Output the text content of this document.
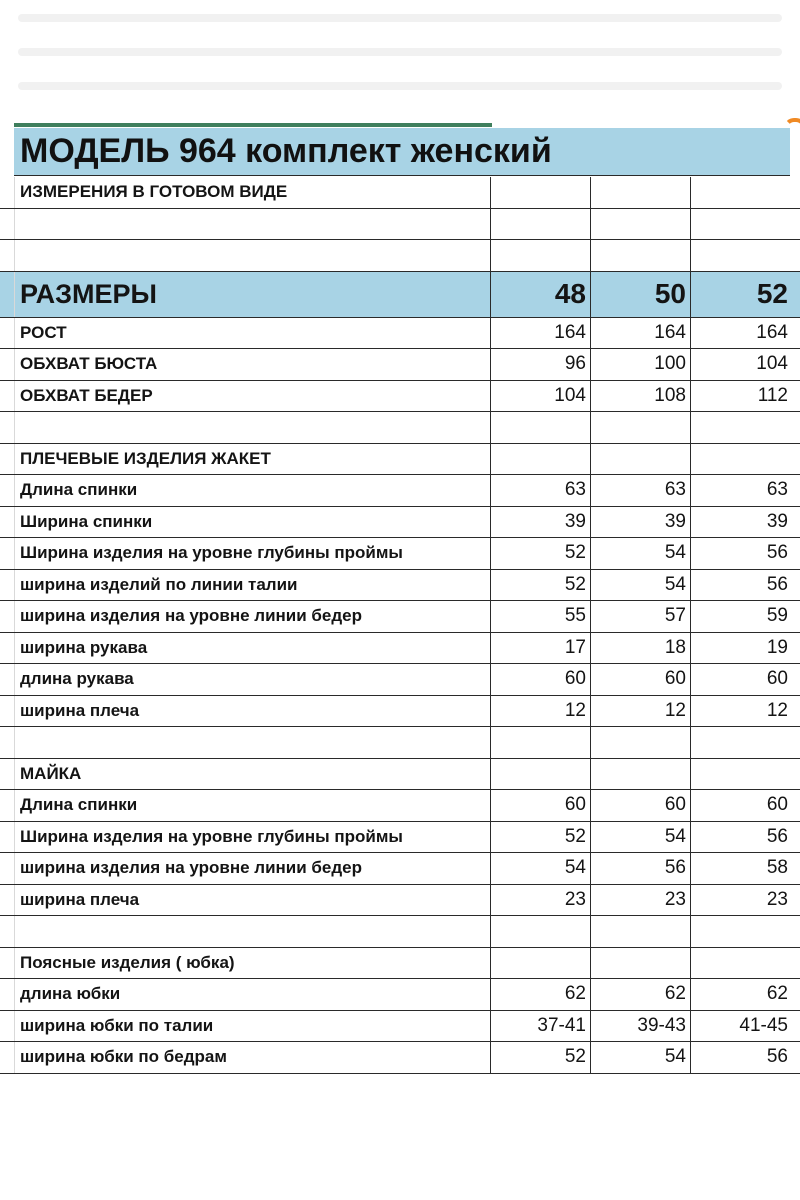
МОДЕЛЬ 964 комплект женский
ИЗМЕРЕНИЯ В ГОТОВОМ ВИДЕ
РАЗМЕРЫ	48	50	52
РОСТ	164	164	164
ОБХВАТ БЮСТА	96	100	104
ОБХВАТ БЕДЕР	104	108	112
ПЛЕЧЕВЫЕ ИЗДЕЛИЯ ЖАКЕТ
Длина спинки	63	63	63
Ширина спинки	39	39	39
Ширина изделия на уровне глубины проймы	52	54	56
ширина изделий по линии талии	52	54	56
ширина изделия на уровне линии бедер	55	57	59
ширина рукава	17	18	19
длина рукава	60	60	60
ширина плеча	12	12	12
МАЙКА
Длина спинки	60	60	60
Ширина изделия на уровне глубины проймы	52	54	56
ширина изделия на уровне линии бедер	54	56	58
ширина плеча	23	23	23
Поясные изделия ( юбка)
длина юбки	62	62	62
ширина юбки по талии	37-41	39-43	41-45
ширина юбки по бедрам	52	54	56
